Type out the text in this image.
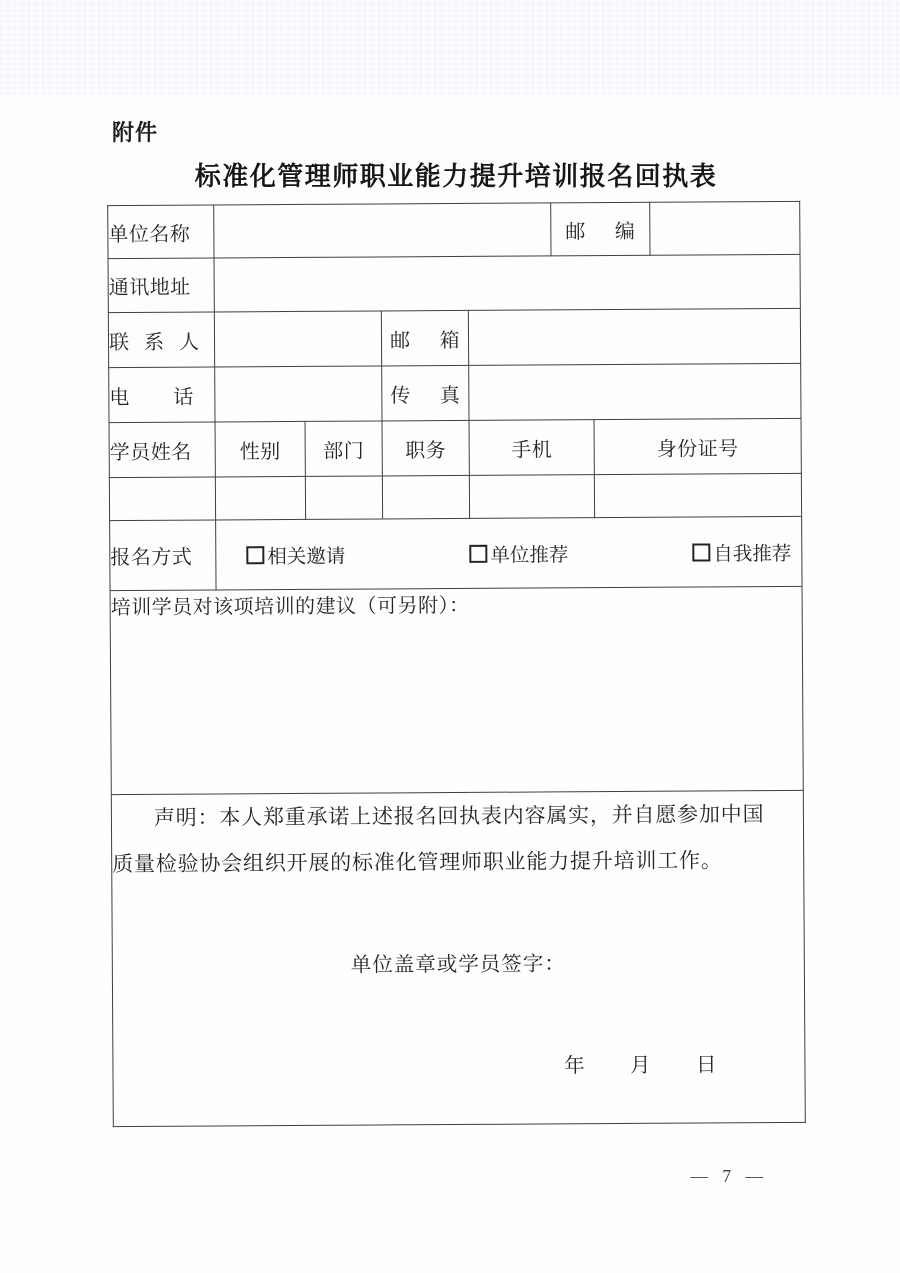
附件
标准化管理师职业能力提升培训报名回执表
单位名称					邮  编		
通讯地址							
联 系 人			邮  箱				
电   话			传  真				
学员姓名	性别	部门	职务	手机		身份证号	

报名方式	相关邀请 单位推荐 自我推荐						

培训学员对该项培训的建议（可另附）：							

声明：本人郑重承诺上述报名回执表内容属实，并自愿参加中国
质量检验协会组织开展的标准化管理师职业能力提升培训工作。
单位盖章或学员签字：
年   月   日							
— 7 —
